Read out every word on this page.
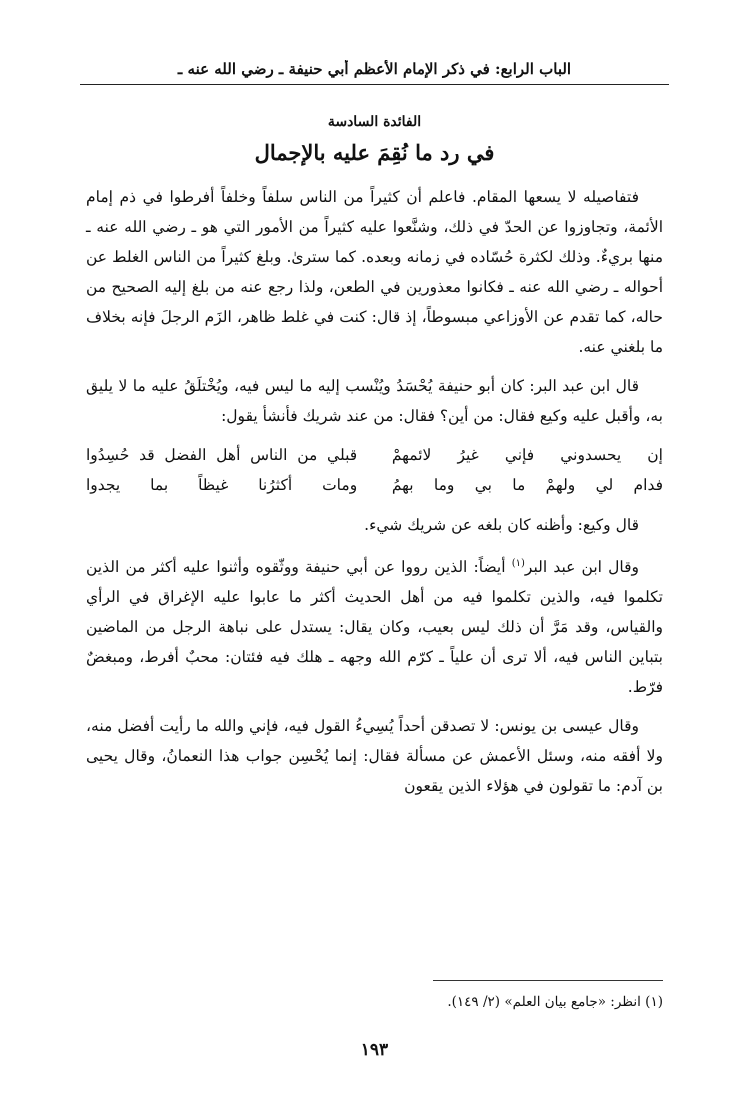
الباب الرابع: في ذكر الإمام الأعظم أبي حنيفة ـ رضي الله عنه ـ
الفائدة السادسة
في رد ما نُقِمَ عليه بالإجمال

فتفاصيله لا يسعها المقام. فاعلم أن كثيراً من الناس سلفاً وخلفاً أفرطوا في ذم إمام الأئمة، وتجاوزوا عن الحدّ في ذلك، وشنَّعوا عليه كثيراً من الأمور التي هو ـ رضي الله عنه ـ منها بريءٌ. وذلك لكثرة حُسّاده في زمانه وبعده. كما سترىٰ. وبلغ كثيراً من الناس الغلط عن أحواله ـ رضي الله عنه ـ فكانوا معذورين في الطعن، ولذا رجع عنه من بلغ إليه الصحيح من حاله، كما تقدم عن الأوزاعي مبسوطاً، إذ قال: كنت في غلط ظاهر، الزَم الرجلَ فإنه بخلاف ما بلغني عنه.

قال ابن عبد البر: كان أبو حنيفة يُحْسَدُ ويُنْسب إليه ما ليس فيه، ويُخْتلَقُ عليه ما لا يليق به، وأقبل عليه وكيع فقال: من أين؟ فقال: من عند شريك فأنشأ يقول:

إن يحسدوني فإني غيرُ لائمهمْ
قبلي من الناس أهل الفضل قد حُسِدُوا
فدام لي ولهمْ ما بي وما بهمُ
ومات أكثرُنا غيظاً بما يجدوا

قال وكيع: وأظنه كان بلغه عن شريك شيء.

وقال ابن عبد البر$^{(١)}$ أيضاً: الذين رووا عن أبي حنيفة ووثّقوه وأثنوا عليه أكثر من الذين تكلموا فيه، والذين تكلموا فيه من أهل الحديث أكثر ما عابوا عليه الإغراق في الرأي والقياس، وقد مَرَّ أن ذلك ليس بعيب، وكان يقال: يستدل على نباهة الرجل من الماضين بتباين الناس فيه، ألا ترى أن علياً ـ كرّم الله وجهه ـ هلك فيه فئتان: محبٌ أفرط، ومبغضٌ فرّط.

وقال عيسى بن يونس: لا تصدقن أحداً يُسِيءُ القول فيه، فإني والله ما رأيت أفضل منه، ولا أفقه منه، وسئل الأعمش عن مسألة فقال: إنما يُحْسِن جواب هذا النعمانُ، وقال يحيى بن آدم: ما تقولون في هؤلاء الذين يقعون

(١) انظر: «جامع بيان العلم» (٢/ ١٤٩).
١٩٣
